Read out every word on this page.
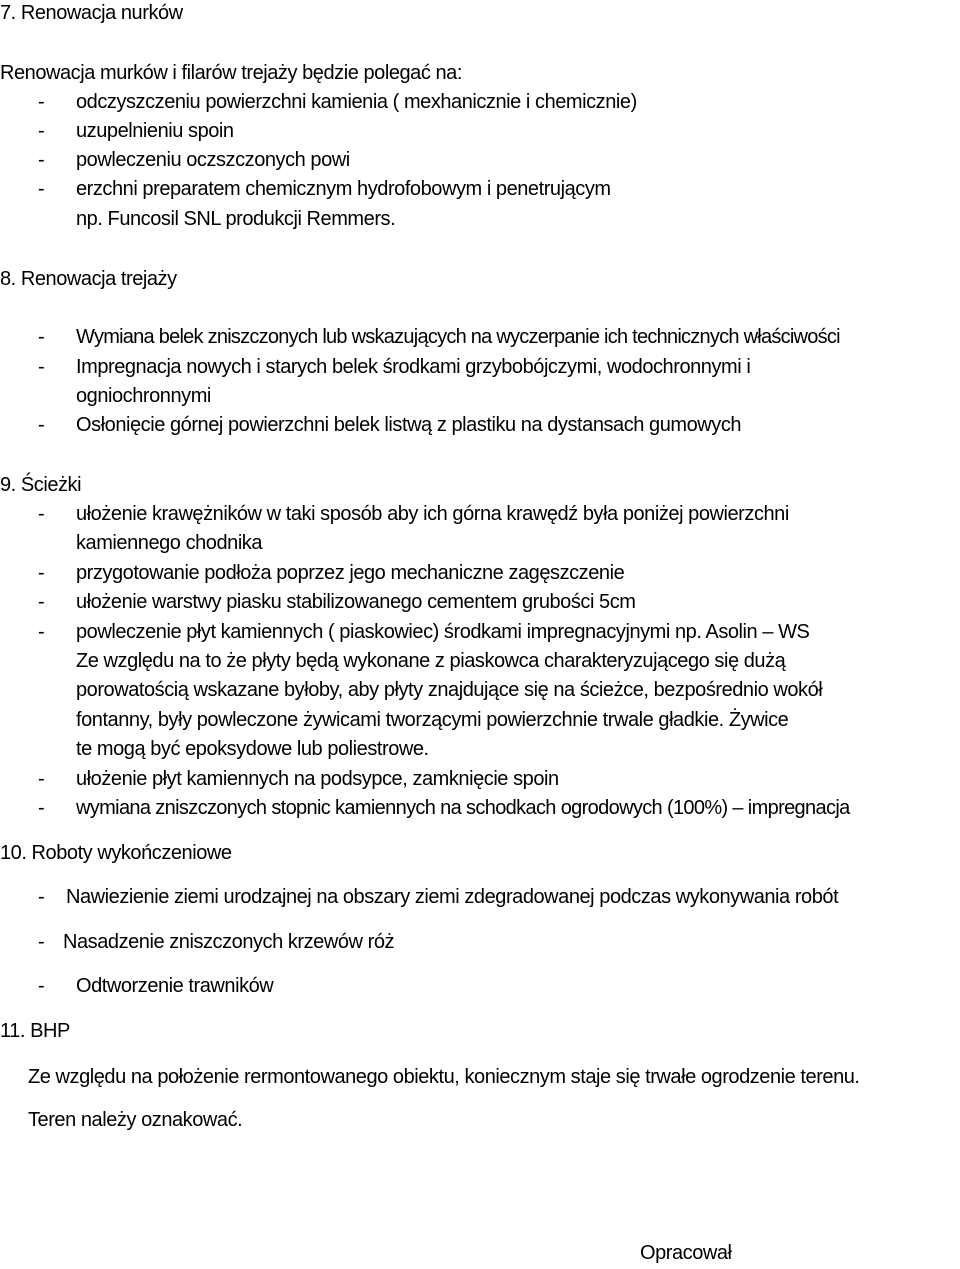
7. Renowacja nurków
Renowacja murków i filarów trejaży będzie polegać na:
- odczyszczeniu powierzchni kamienia ( mexhanicznie i chemicznie)
- uzupelnieniu spoin
- powleczeniu oczszczonych powi
- erzchni preparatem chemicznym hydrofobowym i penetrującym
np. Funcosil SNL produkcji Remmers.
8. Renowacja trejaży
- Wymiana belek zniszczonych lub wskazujących na wyczerpanie ich technicznych właściwości
- Impregnacja nowych i starych belek środkami grzybobójczymi, wodochronnymi i
ogniochronnymi
- Osłonięcie górnej powierzchni belek listwą z plastiku na dystansach gumowych
9. Ścieżki
- ułożenie krawężników w taki sposób aby ich górna krawędź była poniżej powierzchni
kamiennego chodnika
- przygotowanie podłoża poprzez jego mechaniczne zagęszczenie
- ułożenie warstwy piasku stabilizowanego cementem grubości 5cm
- powleczenie płyt kamiennych ( piaskowiec) środkami impregnacyjnymi np. Asolin – WS
Ze względu na to że płyty będą wykonane z piaskowca charakteryzującego się dużą
porowatością wskazane byłoby, aby płyty znajdujące się na ścieżce, bezpośrednio wokół
fontanny, były powleczone żywicami tworzącymi powierzchnie trwale gładkie. Żywice
te mogą być epoksydowe lub poliestrowe.
- ułożenie płyt kamiennych na podsypce, zamknięcie spoin
- wymiana zniszczonych stopnic kamiennych na schodkach ogrodowych (100%) – impregnacja
10. Roboty wykończeniowe
- Nawiezienie ziemi urodzajnej na obszary ziemi zdegradowanej podczas wykonywania robót
- Nasadzenie zniszczonych krzewów róż
- Odtworzenie trawników
11. BHP
Ze względu na położenie rermontowanego obiektu, koniecznym staje się trwałe ogrodzenie terenu.
Teren należy oznakować.
Opracował
